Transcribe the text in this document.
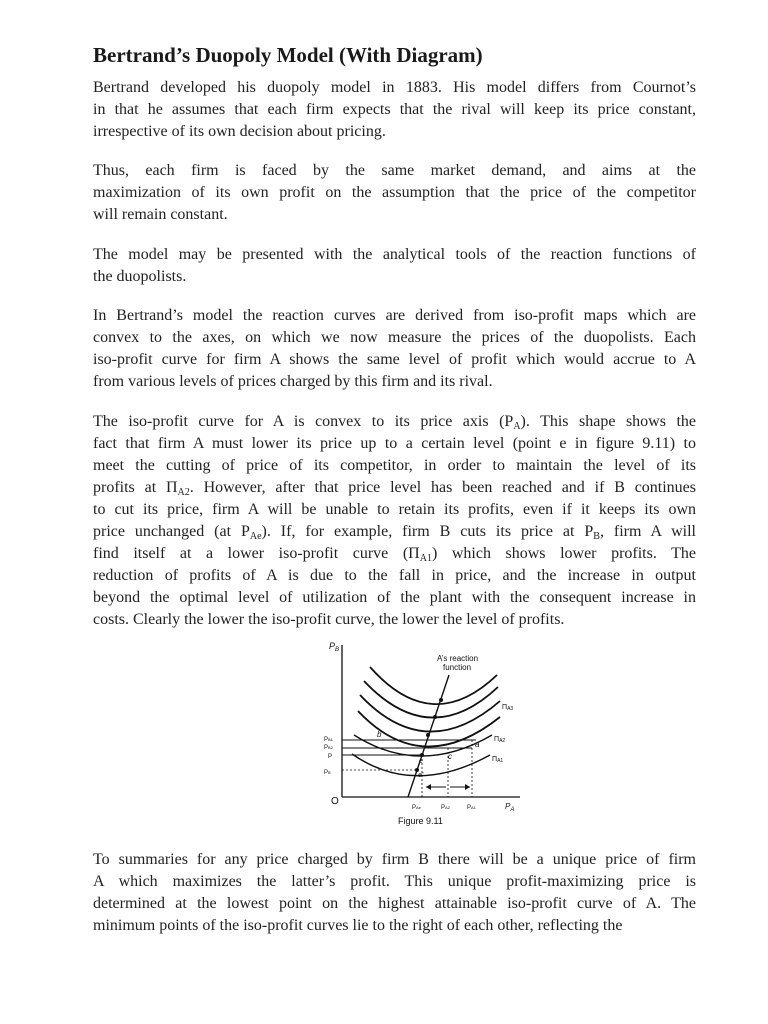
Bertrand’s Duopoly Model (With Diagram)
Bertrand developed his duopoly model in 1883. His model differs from Cournot’s
in that he assumes that each firm expects that the rival will keep its price constant,
irrespective of its own decision about pricing.
Thus, each firm is faced by the same market demand, and aims at the
maximization of its own profit on the assumption that the price of the competitor
will remain constant.
The model may be presented with the analytical tools of the reaction functions of
the duopolists.
In Bertrand’s model the reaction curves are derived from iso-profit maps which are
convex to the axes, on which we now measure the prices of the duopolists. Each
iso-profit curve for firm A shows the same level of profit which would accrue to A
from various levels of prices charged by this firm and its rival.
The iso-profit curve for A is convex to its price axis $(P_A)$. This shape shows the
fact that firm A must lower its price up to a certain level (point e in figure 9.11) to
meet the cutting of price of its competitor, in order to maintain the level of its
profits at $\Pi_{A2}$. However, after that price level has been reached and if B continues
to cut its price, firm A will be unable to retain its profits, even if it keeps its own
price unchanged (at $P_{Ae}$). If, for example, firm B cuts its price at $P_B$, firm A will
find itself at a lower iso-profit curve $(\Pi_{A1})$ which shows lower profits. The
reduction of profits of A is due to the fall in price, and the increase in output
beyond the optimal level of utilization of the plant with the consequent increase in
costs. Clearly the lower the iso-profit curve, the lower the level of profits.
$P_B$
$P_A$
O
A’s reaction
function
b
a
c
e
e'
ΠA3
ΠA2
ΠA1
PB1
PB2
P
PB
PAe	PA2	PA1
Figure 9.11
To summaries for any price charged by firm B there will be a unique price of firm
A which maximizes the latter’s profit. This unique profit-maximizing price is
determined at the lowest point on the highest attainable iso-profit curve of A. The
minimum points of the iso-profit curves lie to the right of each other, reflecting the
